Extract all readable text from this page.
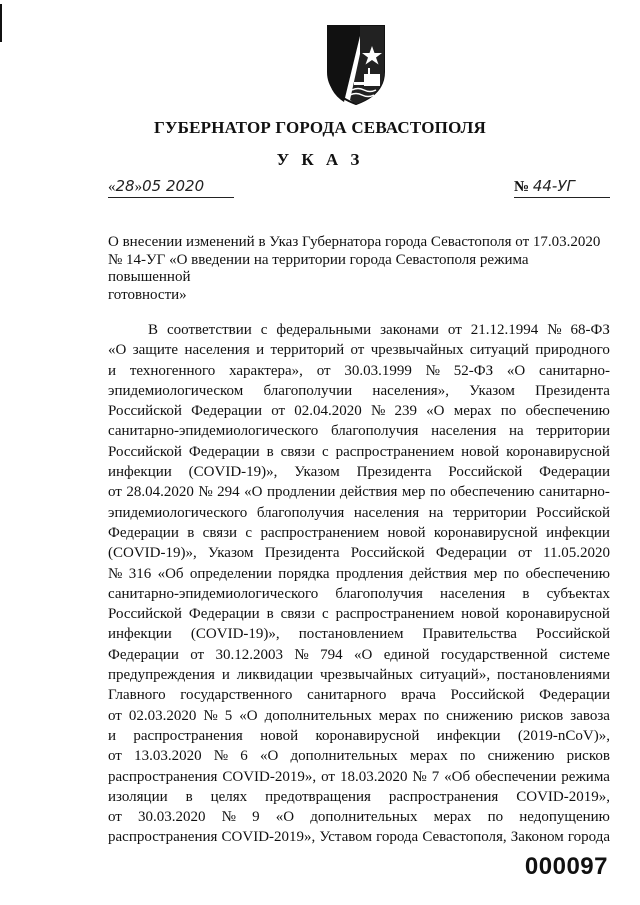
ГУБЕРНАТОР ГОРОДА СЕВАСТОПОЛЯ
У К А З
«28»05 2020	№ 44-УГ
О внесении изменений в Указ Губернатора города Севастополя от 17.03.2020
№ 14-УГ «О введении на территории города Севастополя режима повышенной
готовности»

В соответствии с федеральными законами от 21.12.1994 № 68-ФЗ
«О защите населения и территорий от чрезвычайных ситуаций природного
и техногенного характера», от 30.03.1999 № 52-ФЗ «О санитарно-
эпидемиологическом благополучии населения», Указом Президента
Российской Федерации от 02.04.2020 № 239 «О мерах по обеспечению
санитарно-эпидемиологического благополучия населения на территории
Российской Федерации в связи с распространением новой коронавирусной
инфекции (COVID-19)», Указом Президента Российской Федерации
от 28.04.2020 № 294 «О продлении действия мер по обеспечению санитарно-
эпидемиологического благополучия населения на территории Российской
Федерации в связи с распространением новой коронавирусной инфекции
(COVID-19)», Указом Президента Российской Федерации от 11.05.2020
№ 316 «Об определении порядка продления действия мер по обеспечению
санитарно-эпидемиологического благополучия населения в субъектах
Российской Федерации в связи с распространением новой коронавирусной
инфекции (COVID-19)», постановлением Правительства Российской
Федерации от 30.12.2003 № 794 «О единой государственной системе
предупреждения и ликвидации чрезвычайных ситуаций», постановлениями
Главного государственного санитарного врача Российской Федерации
от 02.03.2020 № 5 «О дополнительных мерах по снижению рисков завоза
и распространения новой коронавирусной инфекции (2019-nCoV)»,
от 13.03.2020 № 6 «О дополнительных мерах по снижению рисков
распространения COVID-2019», от 18.03.2020 № 7 «Об обеспечении режима
изоляции в целях предотвращения распространения COVID-2019»,
от 30.03.2020 № 9 «О дополнительных мерах по недопущению
распространения COVID-2019», Уставом города Севастополя, Законом города

000097
